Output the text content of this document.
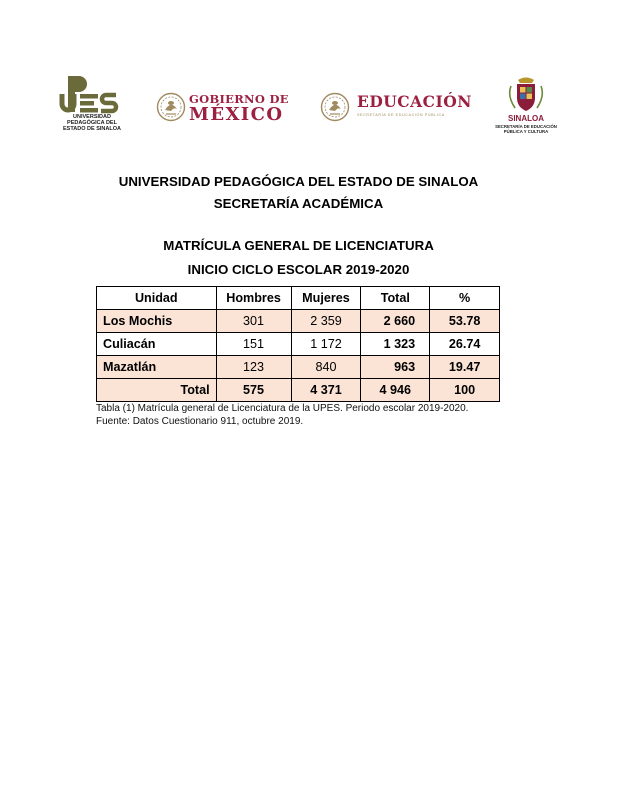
UNIVERSIDAD
PEDAGÓGICA DEL
ESTADO DE SINALOA
GOBIERNO DE
MÉXICO
EDUCACIÓN
SECRETARÍA DE EDUCACIÓN PÚBLICA	SINALOA
SECRETARÍA DE EDUCACIÓN
PÚBLICA Y CULTURA
UNIVERSIDAD PEDAGÓGICA DEL ESTADO DE SINALOA
SECRETARÍA ACADÉMICA
MATRÍCULA GENERAL DE LICENCIATURA
INICIO CICLO ESCOLAR 2019-2020
Unidad	Hombres	Mujeres	Total	%
Los Mochis	301	2 359	2 660	53.78
Culiacán	151	1 172	1 323	26.74
Mazatlán	123	840	963	19.47
Total	575	4 371	4 946	100
Tabla (1) Matrícula general de Licenciatura de la UPES. Periodo escolar 2019-2020.
Fuente: Datos Cuestionario 911, octubre 2019.
